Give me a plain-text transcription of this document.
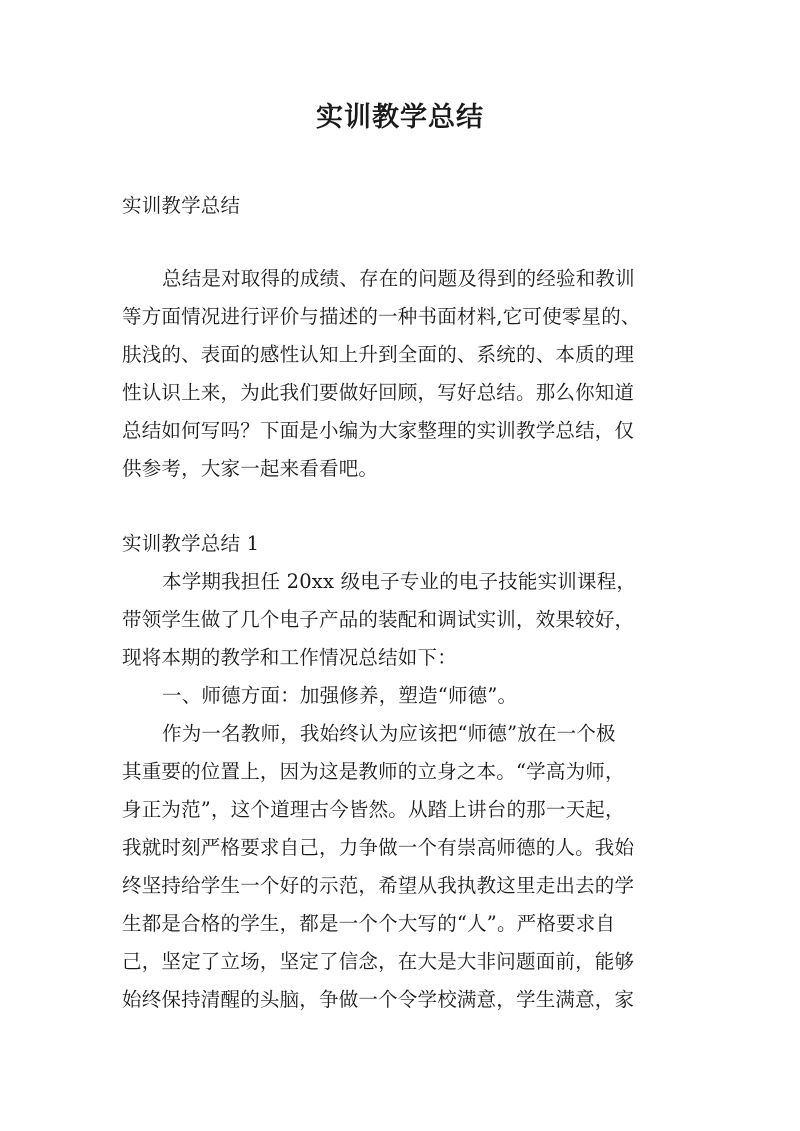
实训教学总结

实训教学总结

总结是对取得的成绩、存在的问题及得到的经验和教训

等方面情况进行评价与描述的一种书面材料,它可使零星的、

肤浅的、表面的感性认知上升到全面的、系统的、本质的理

性认识上来，为此我们要做好回顾，写好总结。那么你知道

总结如何写吗？下面是小编为大家整理的实训教学总结，仅

供参考，大家一起来看看吧。

实训教学总结 1

本学期我担任 20xx 级电子专业的电子技能实训课程，

带领学生做了几个电子产品的装配和调试实训，效果较好，

现将本期的教学和工作情况总结如下：

一、师德方面：加强修养，塑造“师德”。

作为一名教师，我始终认为应该把“师德”放在一个极

其重要的位置上，因为这是教师的立身之本。“学高为师，

身正为范”，这个道理古今皆然。从踏上讲台的那一天起，

我就时刻严格要求自己，力争做一个有崇高师德的人。我始

终坚持给学生一个好的示范，希望从我执教这里走出去的学

生都是合格的学生，都是一个个大写的“人”。严格要求自

己，坚定了立场，坚定了信念，在大是大非问题面前，能够

始终保持清醒的头脑，争做一个令学校满意，学生满意，家
